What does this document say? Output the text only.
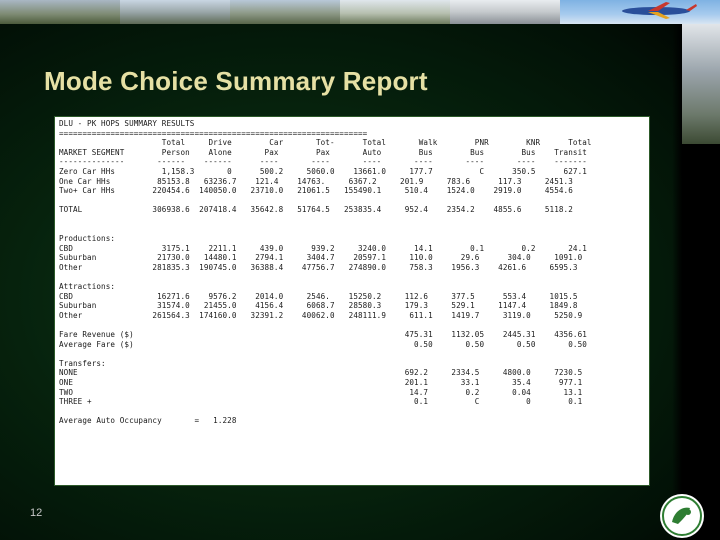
Mode Choice Summary Report
DLU - PK HOPS SUMMARY RESULTS
==================================================================
Total     Drive        Car       Tot-      Total       Walk        PNR        KNR      Total
MARKET SEGMENT        Person    Alone       Pax        Pax       Auto        Bus        Bus        Bus    Transit
--------------       ------    ------      ----       ----       ----       ----       ----       ----    -------
Zero Car HHs          1,158.3       0      500.2     5060.0    13661.0     177.7          C      350.5      627.1
One Car HHs          85153.8   63236.7    121.4    14763.     6367.2     201.9     783.6      117.3     2451.3
Two+ Car HHs        220454.6  140050.0   23710.0   21061.5   155490.1     510.4    1524.0    2919.0     4554.6

TOTAL               306938.6  207418.4   35642.8   51764.5   253835.4     952.4    2354.2    4855.6     5118.2

Productions:
CBD                   3175.1    2211.1     439.0      939.2     3240.0      14.1        0.1        0.2       24.1
Suburban             21730.0   14480.1    2794.1     3404.7    20597.1     110.0      29.6      304.0     1091.0
Other               281835.3  190745.0   36388.4    47756.7   274890.0     758.3    1956.3    4261.6     6595.3

Attractions:
CBD                  16271.6    9576.2    2014.0     2546.    15250.2     112.6     377.5      553.4     1015.5
Suburban             31574.0   21455.0    4156.4     6068.7   28580.3     179.3     529.1     1147.4     1849.8
Other               261564.3  174160.0   32391.2    40062.0   248111.9     611.1    1419.7     3119.0     5250.9

Fare Revenue ($)                                                          475.31    1132.05    2445.31    4356.61
Average Fare ($)                                                            0.50       0.50       0.50       0.50

Transfers:
NONE                                                                      692.2     2334.5     4800.0     7230.5
ONE                                                                       201.1       33.1       35.4      977.1
TWO                                                                        14.7        0.2       0.04       13.1
THREE +                                                                     0.1          C          0        0.1

Average Auto Occupancy       =   1.228
12
